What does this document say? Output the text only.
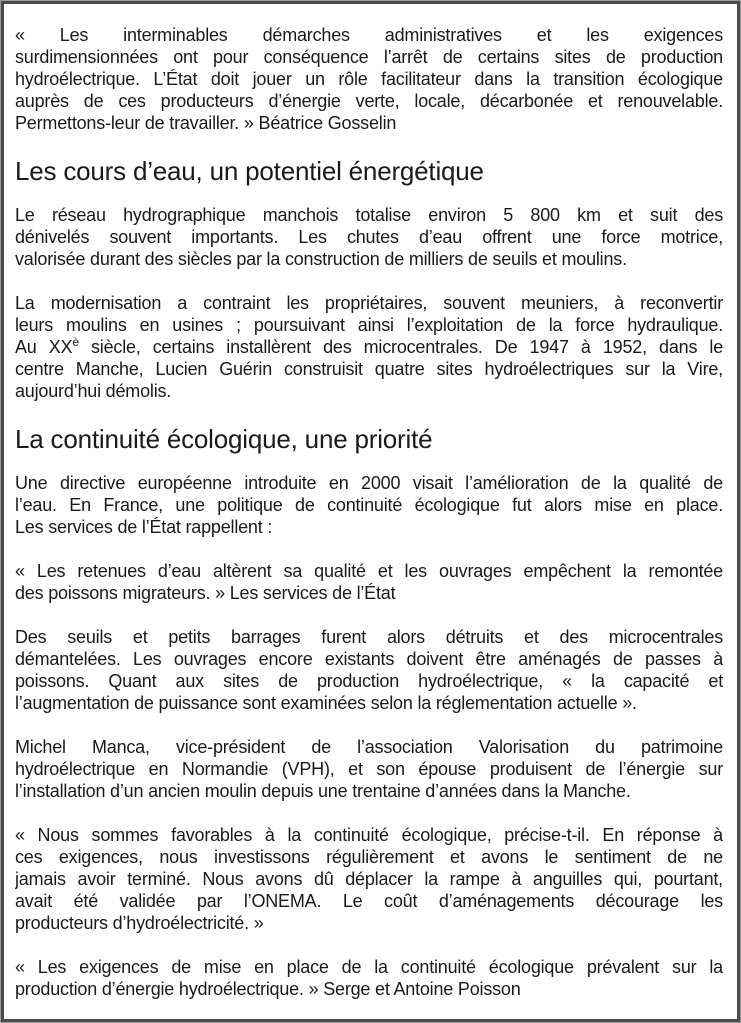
« Les interminables démarches administratives et les exigences
surdimensionnées ont pour conséquence l’arrêt de certains sites de production
hydroélectrique. L’État doit jouer un rôle facilitateur dans la transition écologique
auprès de ces producteurs d’énergie verte, locale, décarbonée et renouvelable.
Permettons-leur de travailler. » Béatrice Gosselin
Les cours d’eau, un potentiel énergétique
Le réseau hydrographique manchois totalise environ 5 800 km et suit des
dénivelés souvent importants. Les chutes d’eau offrent une force motrice,
valorisée durant des siècles par la construction de milliers de seuils et moulins.
La modernisation a contraint les propriétaires, souvent meuniers, à reconvertir
leurs moulins en usines ; poursuivant ainsi l’exploitation de la force hydraulique.
Au $XX^è$ siècle, certains installèrent des microcentrales. De 1947 à 1952, dans le
centre Manche, Lucien Guérin construisit quatre sites hydroélectriques sur la Vire,
aujourd’hui démolis.
La continuité écologique, une priorité
Une directive européenne introduite en 2000 visait l’amélioration de la qualité de
l’eau. En France, une politique de continuité écologique fut alors mise en place.
Les services de l’État rappellent :
« Les retenues d’eau altèrent sa qualité et les ouvrages empêchent la remontée
des poissons migrateurs. » Les services de l’État
Des seuils et petits barrages furent alors détruits et des microcentrales
démantelées. Les ouvrages encore existants doivent être aménagés de passes à
poissons. Quant aux sites de production hydroélectrique, « la capacité et
l’augmentation de puissance sont examinées selon la réglementation actuelle ».
Michel Manca, vice-président de l’association Valorisation du patrimoine
hydroélectrique en Normandie (VPH), et son épouse produisent de l’énergie sur
l’installation d’un ancien moulin depuis une trentaine d’années dans la Manche.
« Nous sommes favorables à la continuité écologique, précise-t-il. En réponse à
ces exigences, nous investissons régulièrement et avons le sentiment de ne
jamais avoir terminé. Nous avons dû déplacer la rampe à anguilles qui, pourtant,
avait été validée par l’ONEMA. Le coût d’aménagements décourage les
producteurs d’hydroélectricité. »
« Les exigences de mise en place de la continuité écologique prévalent sur la
production d’énergie hydroélectrique. » Serge et Antoine Poisson
